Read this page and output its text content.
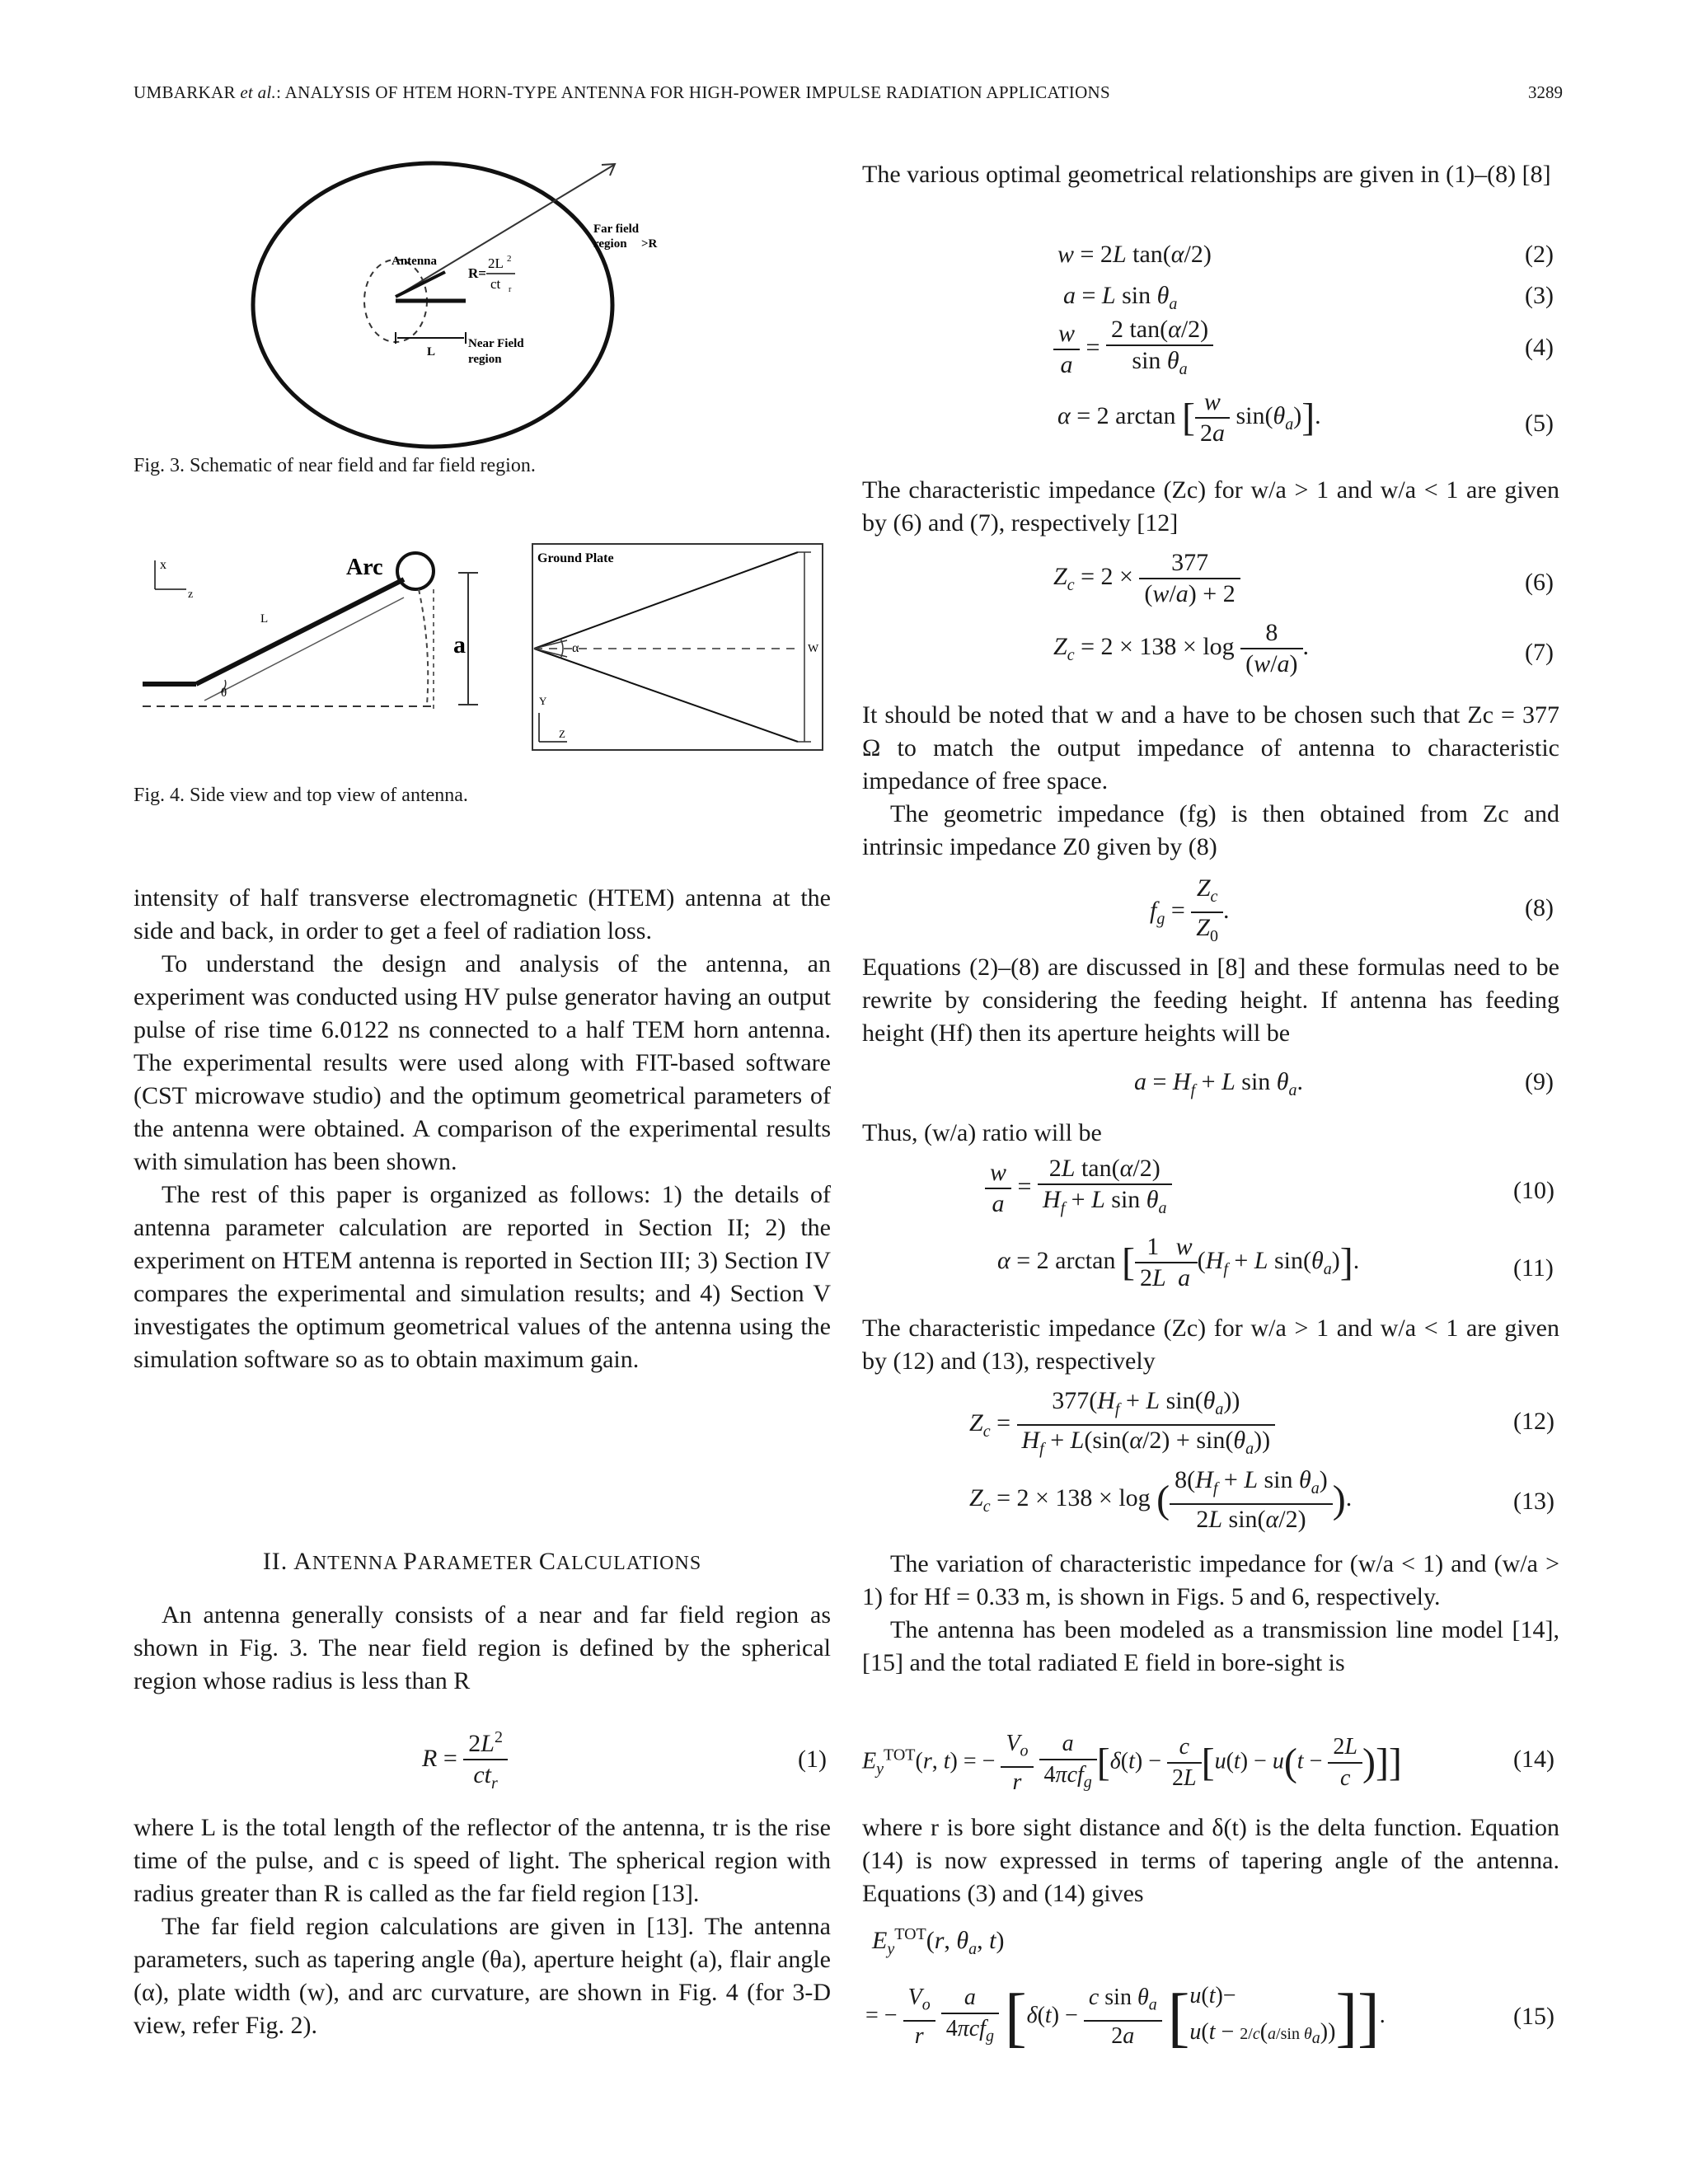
UMBARKAR et al.: ANALYSIS OF HTEM HORN-TYPE ANTENNA FOR HIGH-POWER IMPULSE RADIATION APPLICATIONS	3289
Far field
region >R
Antenna
R=
2L 2
ct r
L
Near Field
region
Fig. 3. Schematic of near field and far field region.
x
z
Arc
L
a
θ
Ground Plate
α	W
Y
Z
Fig. 4. Side view and top view of antenna.

intensity of half transverse electromagnetic (HTEM) antenna at the side and back, in order to get a feel of radiation loss.

To understand the design and analysis of the antenna, an experiment was conducted using HV pulse generator having an output pulse of rise time 6.0122 ns connected to a half TEM horn antenna. The experimental results were used along with FIT-based software (CST microwave studio) and the optimum geometrical parameters of the antenna were obtained. A comparison of the experimental results with simulation has been shown.

The rest of this paper is organized as follows: 1) the details of antenna parameter calculation are reported in Section II; 2) the experiment on HTEM antenna is reported in Section III; 3) Section IV compares the experimental and simulation results; and 4) Section V investigates the optimum geometrical values of the antenna using the simulation software so as to obtain maximum gain.

II. ANTENNA PARAMETER CALCULATIONS

An antenna generally consists of a near and far field region as shown in Fig. 3. The near field region is defined by the spherical region whose radius is less than R

$R = \frac{2L^2}{ct_r}$	(1)

where L is the total length of the reflector of the antenna, tr is the rise time of the pulse, and c is speed of light. The spherical region with radius greater than R is called as the far field region [13].

The far field region calculations are given in [13]. The antenna parameters, such as tapering angle (θa), aperture height (a), flair angle (α), plate width (w), and arc curvature, are shown in Fig. 4 (for 3-D view, refer Fig. 2).

The various optimal geometrical relationships are given in (1)–(8) [8]
w = 2L tan(α/2)	(2)
a = L $\sin \theta_a$	(3)
$\frac{w}{a} = \frac{2 \tan(\alpha/2)}{\sin \theta_a}$	(4)
α = 2 arctan [ $\frac{w}{2a} \sin(\theta_a)$].	(5)
The characteristic impedance (Zc) for w/a > 1 and w/a < 1 are given by (6) and (7), respectively [12]
$Z_c = 2 \times \frac{377}{(w/a) + 2}$	(6)
$Z_c = 2 \times 138 \times \log \frac{8}{(w/a)}$ .	(7)

It should be noted that w and a have to be chosen such that Zc = 377 Ω to match the output impedance of antenna to characteristic impedance of free space.

The geometric impedance (fg) is then obtained from Zc and intrinsic impedance Z0 given by (8)

$f_g = \frac{Z_c}{Z_0}$ .	(8)
Equations (2)–(8) are discussed in [8] and these formulas need to be rewrite by considering the feeding height. If antenna has feeding height (Hf) then its aperture heights will be
$a = H_f + L$ $\sin \theta_a$.	(9)
Thus, (w/a) ratio will be
$\frac{w}{a} = \frac{\text{2L tan(α/2)}}{H_f + L \sin \theta_a}$	(10)
α = 2 arctan [ $\frac{1}{2L} \frac{w}{a} (H_f + L$ $\sin(\theta_a)$].	(11)
The characteristic impedance (Zc) for w/a > 1 and w/a < 1 are given by (12) and (13), respectively
$Z_c = \frac{377(H_f + L \sin(\theta_a))}{H_f + L(\sin(\alpha/2) + \sin(\theta_a))}$	(12)
$Z_c = 2 \times 138 \times \log$ ( $\frac{8(H_f + L \sin \theta_a)}{\text{2L sin(α/2)}}$ ).	(13)

The variation of characteristic impedance for (w/a < 1) and (w/a > 1) for Hf = 0.33 m, is shown in Figs. 5 and 6, respectively.

The antenna has been modeled as a transmission line model [14], [15] and the total radiated E field in bore-sight is

$E_y^{TOT}(r$, t) = − $\frac{V_o}{r}$
$\frac{a}{4\pi cf_g} [\delta(t) - \frac{c}{2L} [u(t) - u(t - \frac{2L}{c}$ )]]	(14)
where r is bore sight distance and δ(t) is the delta function. Equation (14) is now expressed in terms of tapering angle of the antenna. Equations (3) and (14) gives
$E_y^{TOT}(r$, $\theta_a$, t)
= − $\frac{V_o}{r}$
$\frac{a}{4\pi cf_g} [\delta(t) - \frac{c \sin \theta_a}{2a} [u(t)-$
u(t − 2/c(a/sin $\theta_a$))]].	(15)
